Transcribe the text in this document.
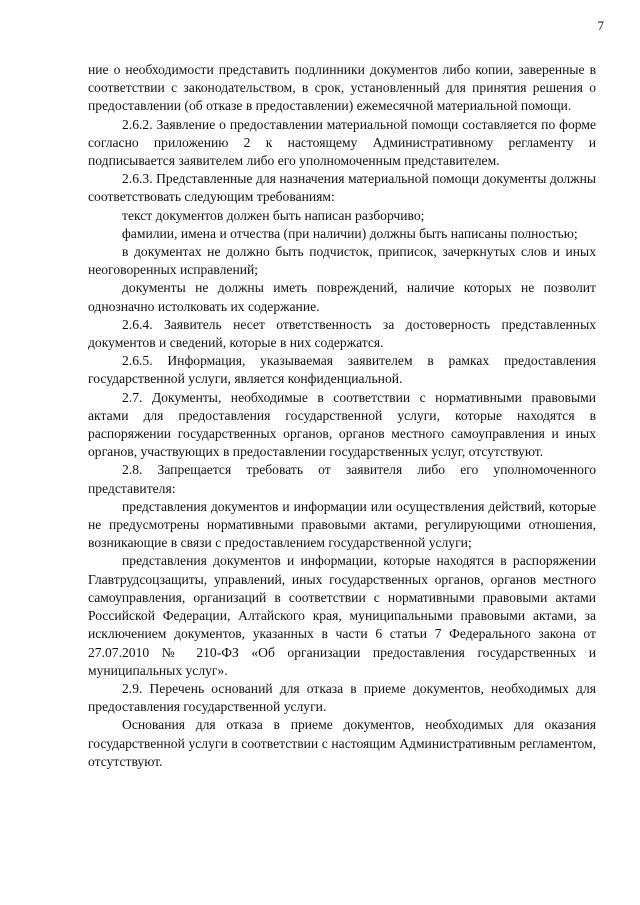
7

ние о необходимости представить подлинники документов либо копии, заверенные в соответствии с законодательством, в срок, установленный для принятия решения о предоставлении (об отказе в предоставлении) ежемесячной материальной помощи.

2.6.2. Заявление о предоставлении материальной помощи составляется по форме согласно приложению 2 к настоящему Административному регламенту и подписывается заявителем либо его уполномоченным представителем.

2.6.3. Представленные для назначения материальной помощи документы должны соответствовать следующим требованиям:

текст документов должен быть написан разборчиво;

фамилии, имена и отчества (при наличии) должны быть написаны полностью;

в документах не должно быть подчисток, приписок, зачеркнутых слов и иных неоговоренных исправлений;

документы не должны иметь повреждений, наличие которых не позволит однозначно истолковать их содержание.

2.6.4. Заявитель несет ответственность за достоверность представленных документов и сведений, которые в них содержатся.

2.6.5. Информация, указываемая заявителем в рамках предоставления государственной услуги, является конфиденциальной.

2.7. Документы, необходимые в соответствии с нормативными правовыми актами для предоставления государственной услуги, которые находятся в распоряжении государственных органов, органов местного самоуправления и иных органов, участвующих в предоставлении государственных услуг, отсутствуют.

2.8. Запрещается требовать от заявителя либо его уполномоченного представителя:

представления документов и информации или осуществления действий, которые не предусмотрены нормативными правовыми актами, регулирующими отношения, возникающие в связи с предоставлением государственной услуги;

представления документов и информации, которые находятся в распоряжении Главтрудсоцзащиты, управлений, иных государственных органов, органов местного самоуправления, организаций в соответствии с нормативными правовыми актами Российской Федерации, Алтайского края, муниципальными правовыми актами, за исключением документов, указанных в части 6 статьи 7 Федерального закона от 27.07.2010 № 210-ФЗ «Об организации предоставления государственных и муниципальных услуг».

2.9. Перечень оснований для отказа в приеме документов, необходимых для предоставления государственной услуги.

Основания для отказа в приеме документов, необходимых для оказания государственной услуги в соответствии с настоящим Административным регламентом, отсутствуют.
